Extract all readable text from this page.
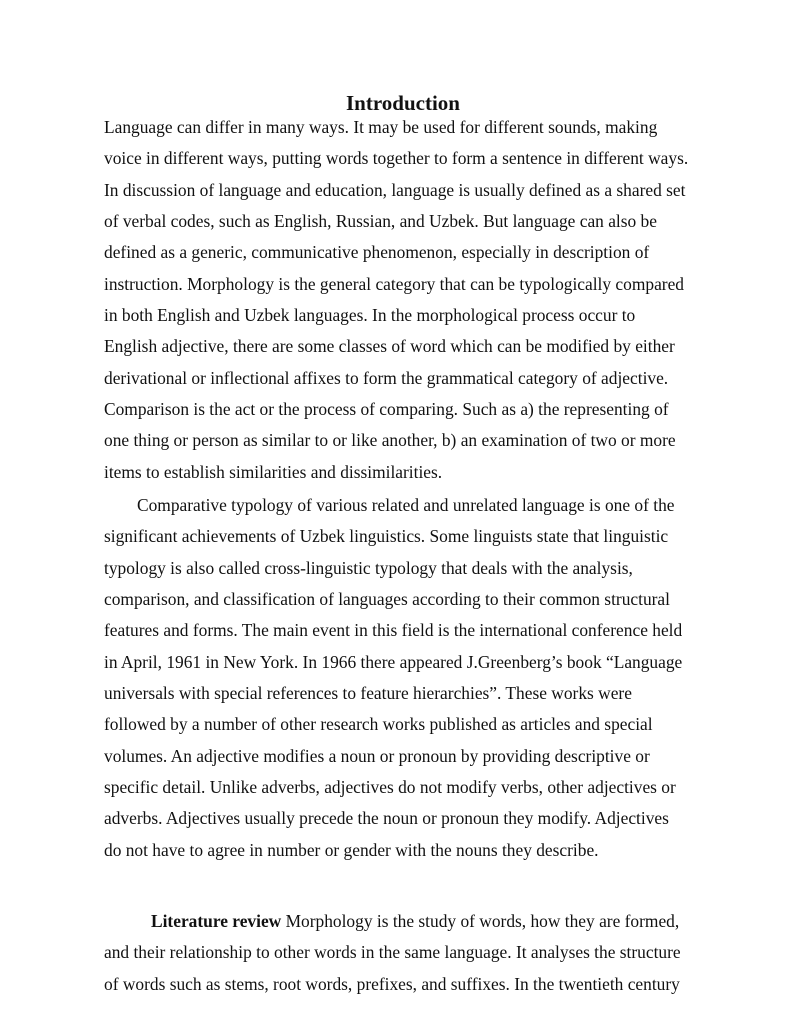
Introduction

Language can differ in many ways. It may be used for different sounds, making
voice in different ways, putting words together to form a sentence in different ways.
In discussion of language and education, language is usually defined as a shared set
of verbal codes, such as English, Russian, and Uzbek. But language can also be
defined as a generic, communicative phenomenon, especially in description of
instruction. Morphology is the general category that can be typologically compared
in both English and Uzbek languages. In the morphological process occur to
English adjective, there are some classes of word which can be modified by either
derivational or inflectional affixes to form the grammatical category of adjective.
Comparison is the act or the process of comparing. Such as a) the representing of
one thing or person as similar to or like another, b) an examination of two or more
items to establish similarities and dissimilarities.

Comparative typology of various related and unrelated language is one of the
significant achievements of Uzbek linguistics. Some linguists state that linguistic
typology is also called cross-linguistic typology that deals with the analysis,
comparison, and classification of languages according to their common structural
features and forms. The main event in this field is the international conference held
in April, 1961 in New York. In 1966 there appeared J.Greenberg’s book “Language
universals with special references to feature hierarchies”. These works were
followed by a number of other research works published as articles and special
volumes. An adjective modifies a noun or pronoun by providing descriptive or
specific detail. Unlike adverbs, adjectives do not modify verbs, other adjectives or
adverbs. Adjectives usually precede the noun or pronoun they modify. Adjectives
do not have to agree in number or gender with the nouns they describe.

Literature review Morphology is the study of words, how they are formed,
and their relationship to other words in the same language. It analyses the structure
of words such as stems, root words, prefixes, and suffixes. In the twentieth century
